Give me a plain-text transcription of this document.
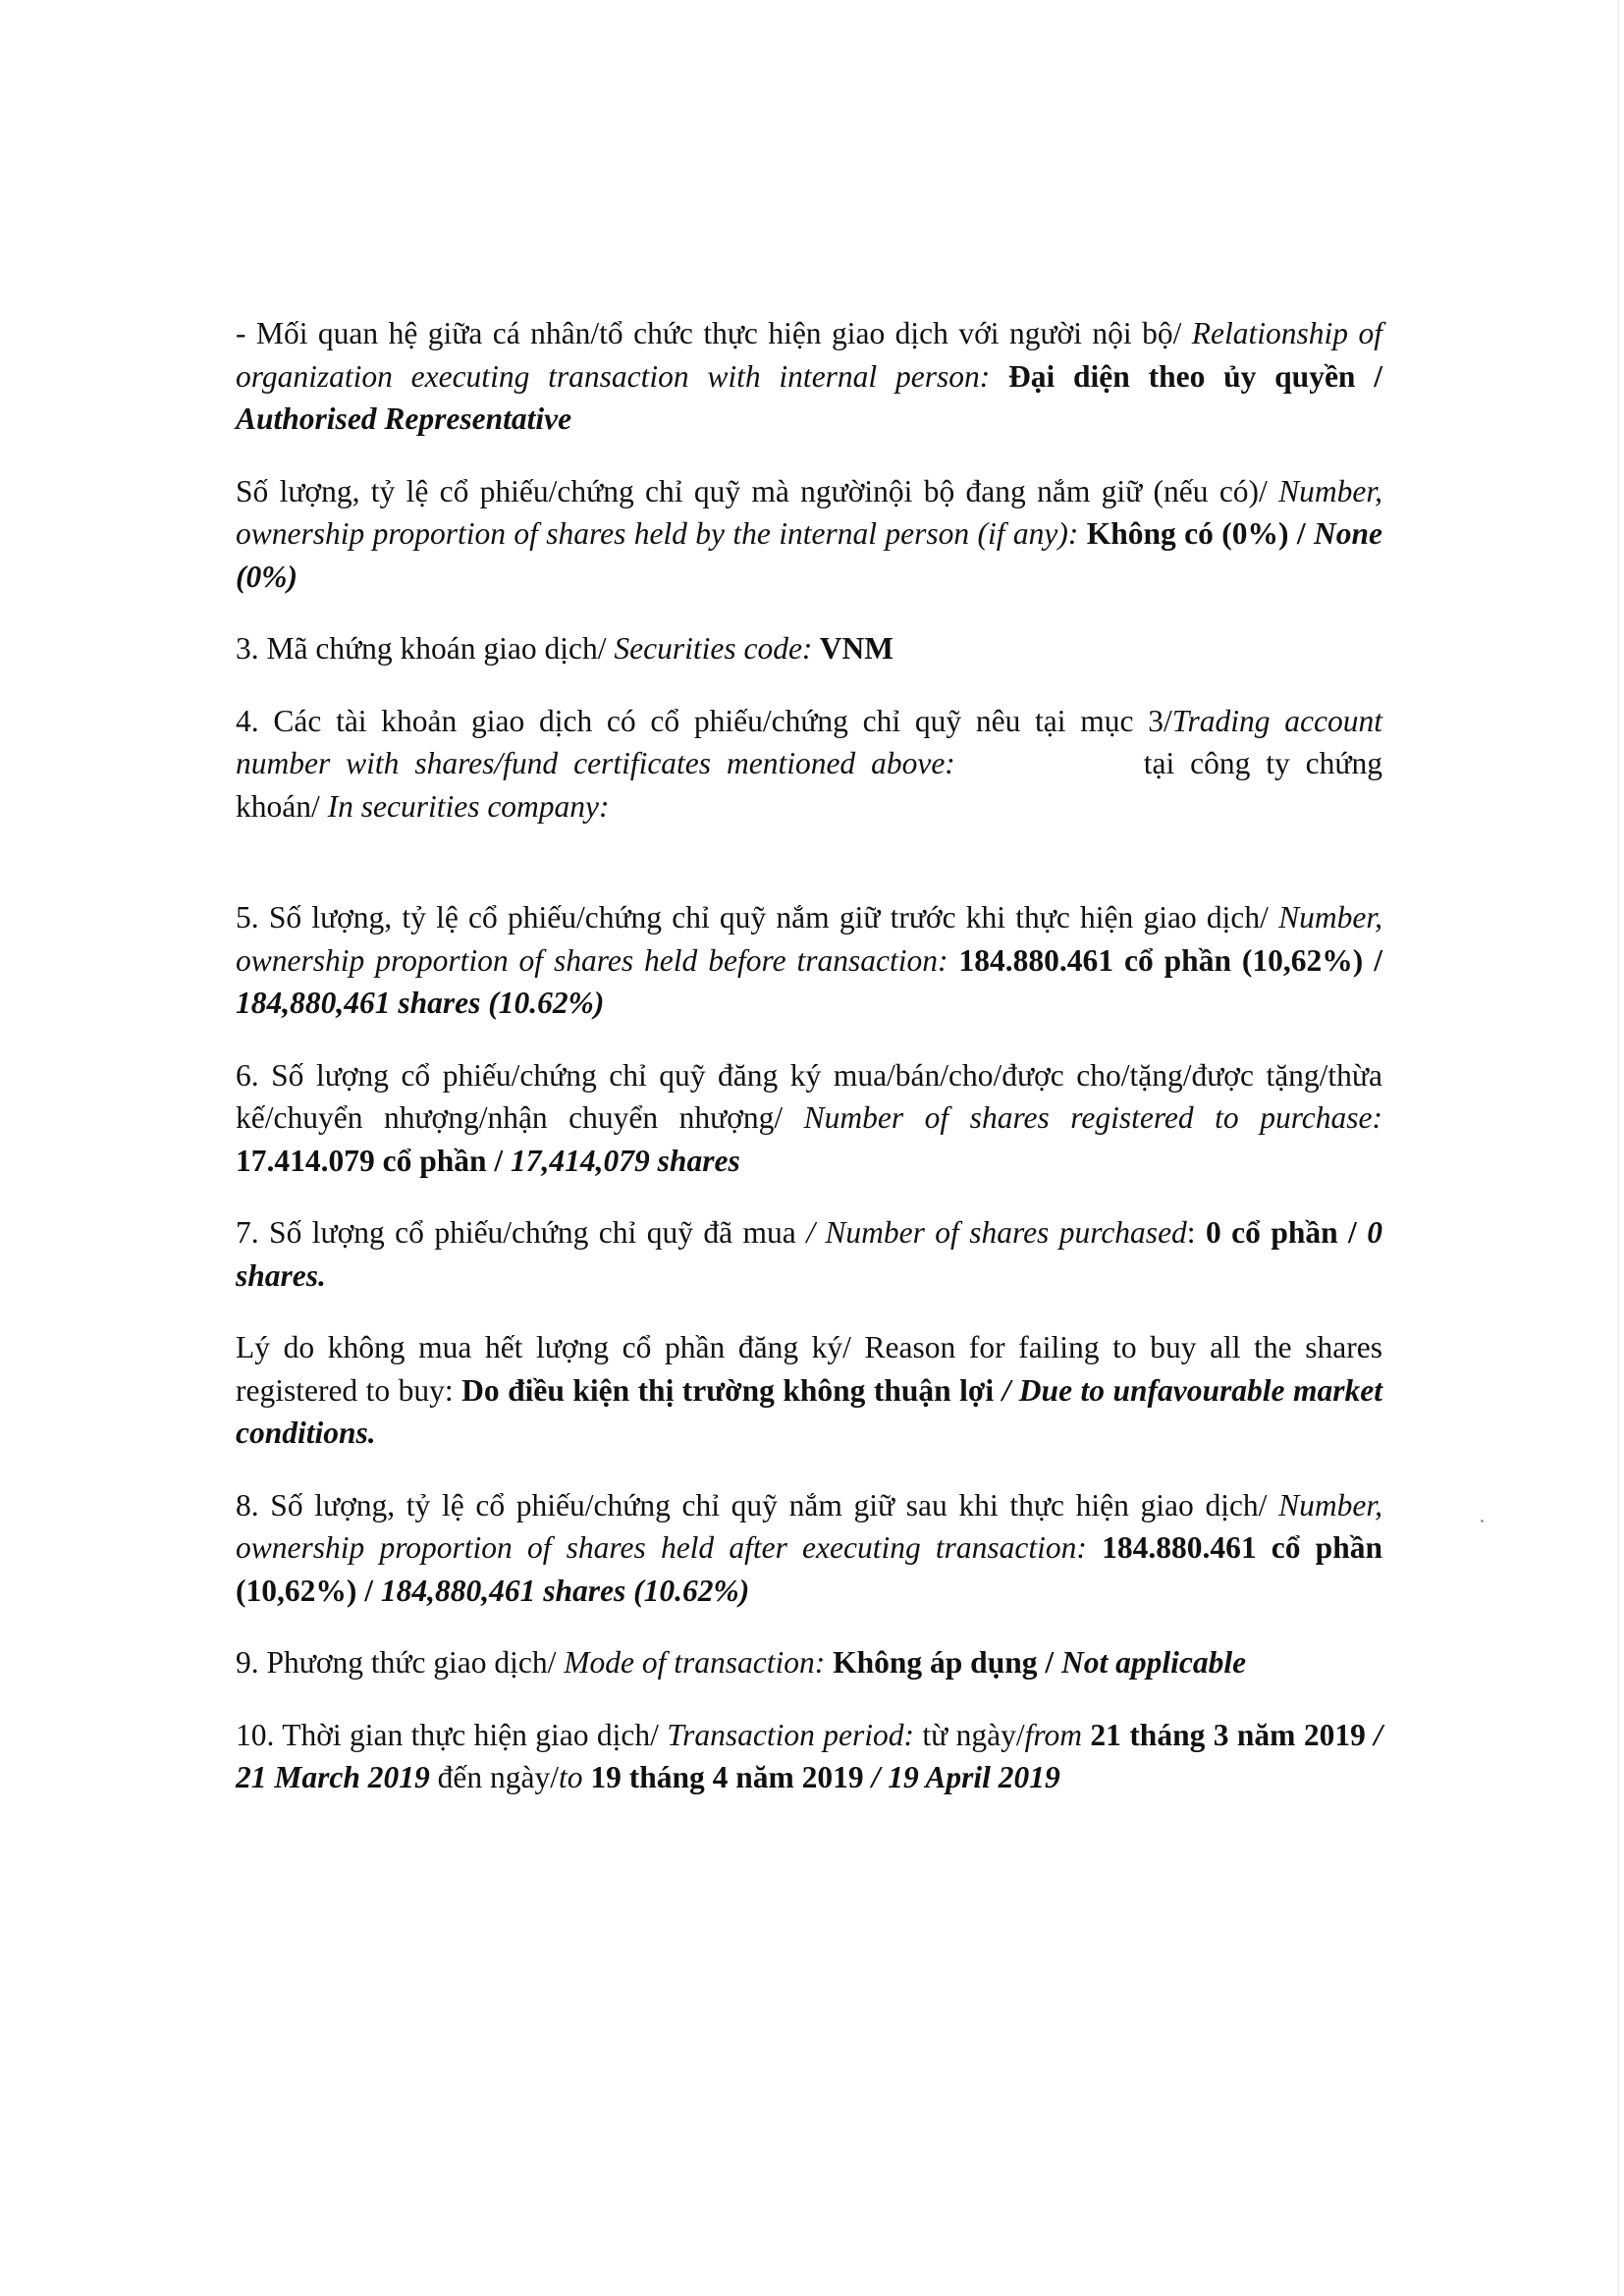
- Mối quan hệ giữa cá nhân/tổ chức thực hiện giao dịch với người nội bộ/ Relationship of organization executing transaction with internal person: Đại diện theo ủy quyền / Authorised Representative

Số lượng, tỷ lệ cổ phiếu/chứng chỉ quỹ mà ngườinội bộ đang nắm giữ (nếu có)/ Number, ownership proportion of shares held by the internal person (if any): Không có (0%) / None (0%)

3. Mã chứng khoán giao dịch/ Securities code: VNM

4. Các tài khoản giao dịch có cổ phiếu/chứng chỉ quỹ nêu tại mục 3/Trading account number with shares/fund certificates mentioned above:	tại công ty chứng khoán/ In securities company:

5. Số lượng, tỷ lệ cổ phiếu/chứng chỉ quỹ nắm giữ trước khi thực hiện giao dịch/ Number, ownership proportion of shares held before transaction: 184.880.461 cổ phần (10,62%) / 184,880,461 shares (10.62%)

6. Số lượng cổ phiếu/chứng chỉ quỹ đăng ký mua/bán/cho/được cho/tặng/được tặng/thừa kế/chuyển nhượng/nhận chuyển nhượng/ Number of shares registered to purchase: 17.414.079 cổ phần / 17,414,079 shares

7. Số lượng cổ phiếu/chứng chỉ quỹ đã mua / Number of shares purchased: 0 cổ phần / 0 shares.

Lý do không mua hết lượng cổ phần đăng ký/ Reason for failing to buy all the shares registered to buy: Do điều kiện thị trường không thuận lợi / Due to unfavourable market conditions.

8. Số lượng, tỷ lệ cổ phiếu/chứng chỉ quỹ nắm giữ sau khi thực hiện giao dịch/ Number, ownership proportion of shares held after executing transaction: 184.880.461 cổ phần (10,62%) / 184,880,461 shares (10.62%)

9. Phương thức giao dịch/ Mode of transaction: Không áp dụng / Not applicable

10. Thời gian thực hiện giao dịch/ Transaction period: từ ngày/from 21 tháng 3 năm 2019 / 21 March 2019 đến ngày/to 19 tháng 4 năm 2019 / 19 April 2019
